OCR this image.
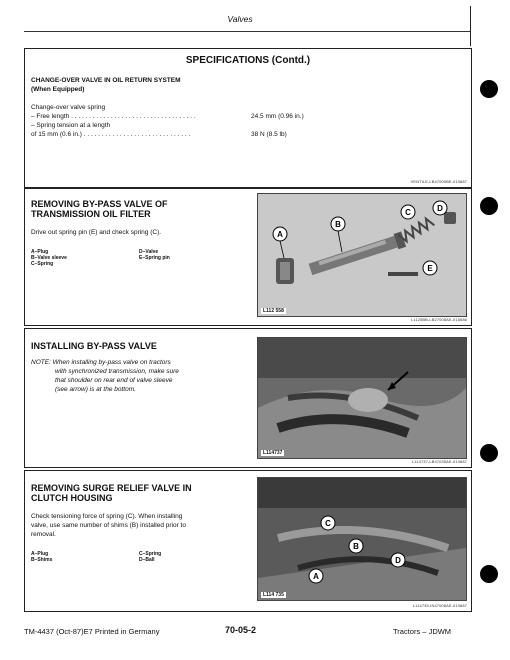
Valves
SPECIFICATIONS (Contd.)
CHANGE-OVER VALVE IN OIL RETURN SYSTEM
(When Equipped)
Change-over valve spring
– Free length . . . . . . . . . . . . . . . . . . . . . . . . . . . . . . . . . . .	24.5 mm (0.96 in.)
– Spring tension at a length
of 15 mm (0.6 in.) . . . . . . . . . . . . . . . . . . . . . . . . . . . . . .	38 N (8.5 lb)
VENTILE-LB47009BE-010687
REMOVING BY-PASS VALVE OF
TRANSMISSION OIL FILTER
Drive out spring pin (E) and check spring (C).
A–Plug
B–Valve sleeve
C–Spring
D–Valve
E–Spring pin
A
B
C	D
E
L112 558
L1125BB-LB27008AE-015686
INSTALLING BY-PASS VALVE
NOTE: When installing by-pass valve on tractors
with synchronized transmission, make sure
that shoulder on rear end of valve sleeve
(see arrow) is at the bottom.
L114737
L114737-LB47035AE-010687
REMOVING SURGE RELIEF VALVE IN
CLUTCH HOUSING
Check tensioning force of spring (C). When installing
valve, use same number of shims (B) installed prior to
removal.
A–Plug
B–Shims
C–Spring
D–Ball
C
B
A
D
L114 735
L114735-IN47008AE-010687
TM-4437 (Oct-87)E7 Printed in Germany	70-05-2	Tractors – JDWM
